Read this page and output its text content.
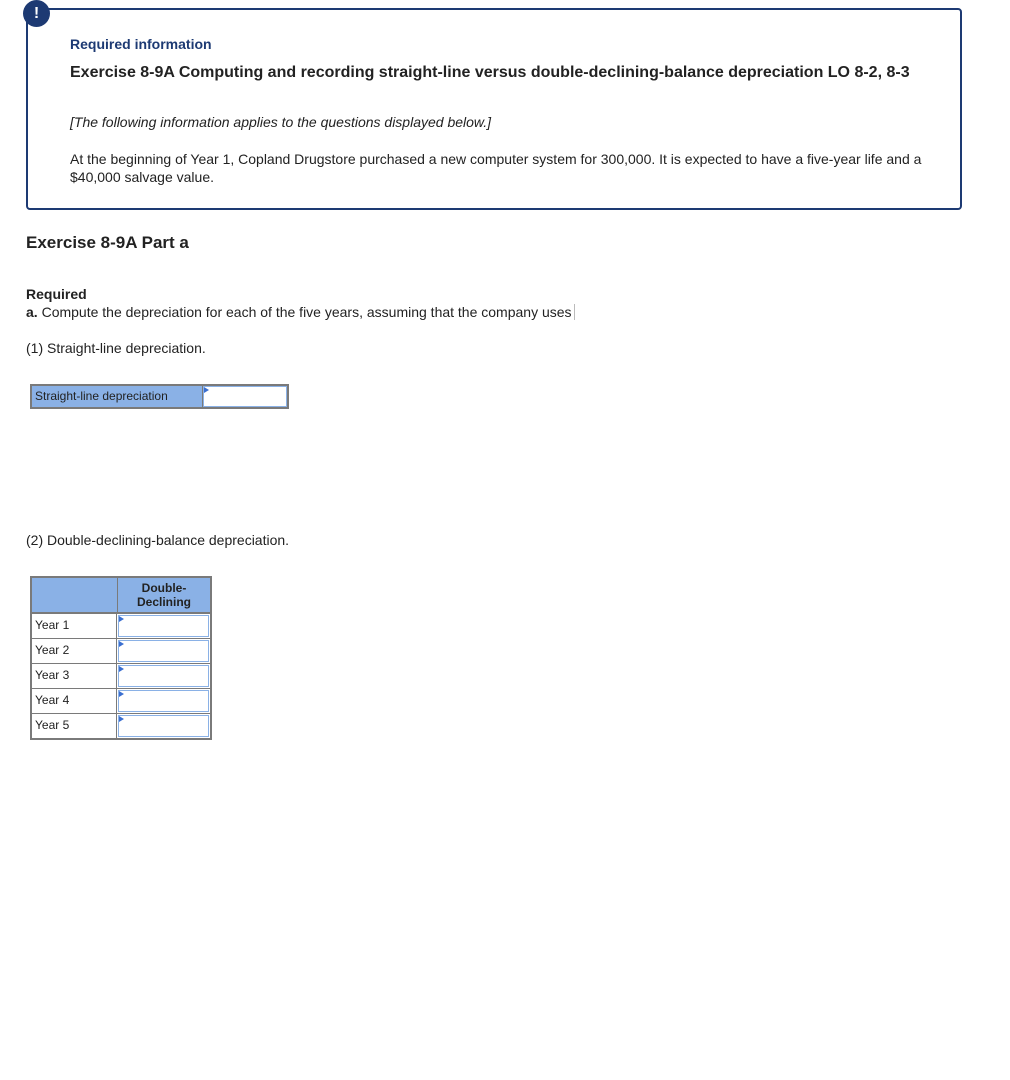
!
Required information
Exercise 8-9A Computing and recording straight-line versus double-declining-balance depreciation LO 8-2, 8-3
[The following information applies to the questions displayed below.]
At the beginning of Year 1, Copland Drugstore purchased a new computer system for 300,000. It is expected to have a five-year life and a $40,000 salvage value.
Exercise 8-9A Part a
Required
a. Compute the depreciation for each of the five years, assuming that the company uses
(1) Straight-line depreciation.
Straight-line depreciation
(2) Double-declining-balance depreciation.
Double-Declining
Year 1
Year 2
Year 3
Year 4
Year 5
